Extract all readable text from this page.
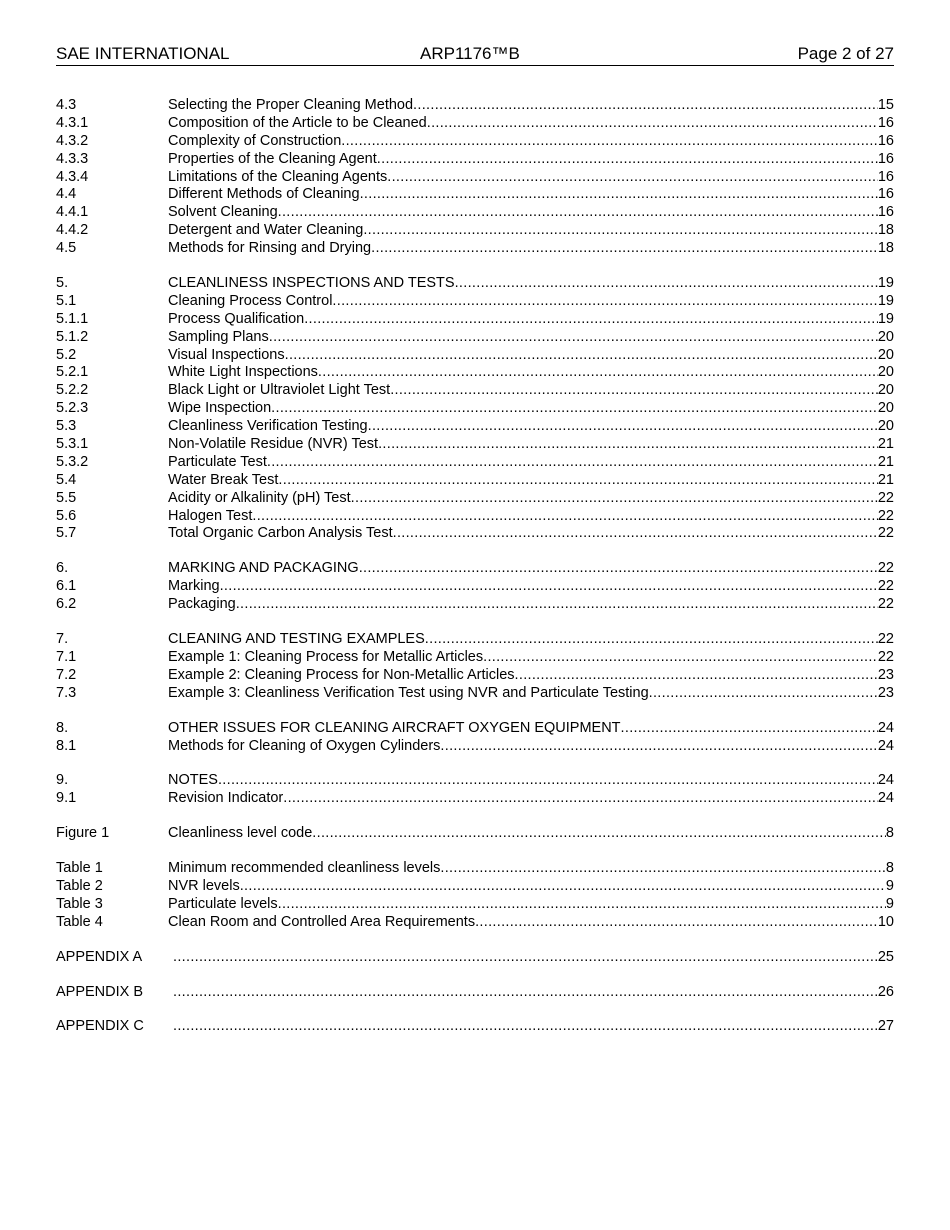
SAE INTERNATIONAL	ARP1176™B	Page 2 of 27
4.3	Selecting the Proper Cleaning Method .....	15
4.3.1	Composition of the Article to be Cleaned .....	16
4.3.2	Complexity of Construction .....	16
4.3.3	Properties of the Cleaning Agent .....	16
4.3.4	Limitations of the Cleaning Agents .....	16
4.4	Different Methods of Cleaning .....	16
4.4.1	Solvent Cleaning .....	16
4.4.2	Detergent and Water Cleaning .....	18
4.5	Methods for Rinsing and Drying .....	18
5.	CLEANLINESS INSPECTIONS AND TESTS .....	19
5.1	Cleaning Process Control .....	19
5.1.1	Process Qualification .....	19
5.1.2	Sampling Plans .....	20
5.2	Visual Inspections .....	20
5.2.1	White Light Inspections .....	20
5.2.2	Black Light or Ultraviolet Light Test .....	20
5.2.3	Wipe Inspection .....	20
5.3	Cleanliness Verification Testing .....	20
5.3.1	Non-Volatile Residue (NVR) Test .....	21
5.3.2	Particulate Test .....	21
5.4	Water Break Test .....	21
5.5	Acidity or Alkalinity (pH) Test .....	22
5.6	Halogen Test .....	22
5.7	Total Organic Carbon Analysis Test .....	22
6.	MARKING AND PACKAGING .....	22
6.1	Marking .....	22
6.2	Packaging .....	22
7.	CLEANING AND TESTING EXAMPLES .....	22
7.1	Example 1: Cleaning Process for Metallic Articles .....	22
7.2	Example 2: Cleaning Process for Non-Metallic Articles .....	23
7.3	Example 3: Cleanliness Verification Test using NVR and Particulate Testing .....	23
8.	OTHER ISSUES FOR CLEANING AIRCRAFT OXYGEN EQUIPMENT .....	24
8.1	Methods for Cleaning of Oxygen Cylinders .....	24
9.	NOTES .....	24
9.1	Revision Indicator .....	24
Figure 1	Cleanliness level code .....	8
Table 1	Minimum recommended cleanliness levels .....	8
Table 2	NVR levels .....	9
Table 3	Particulate levels .....	9
Table 4	Clean Room and Controlled Area Requirements .....	10
APPENDIX A .....	25
APPENDIX B .....	26
APPENDIX C .....	27
